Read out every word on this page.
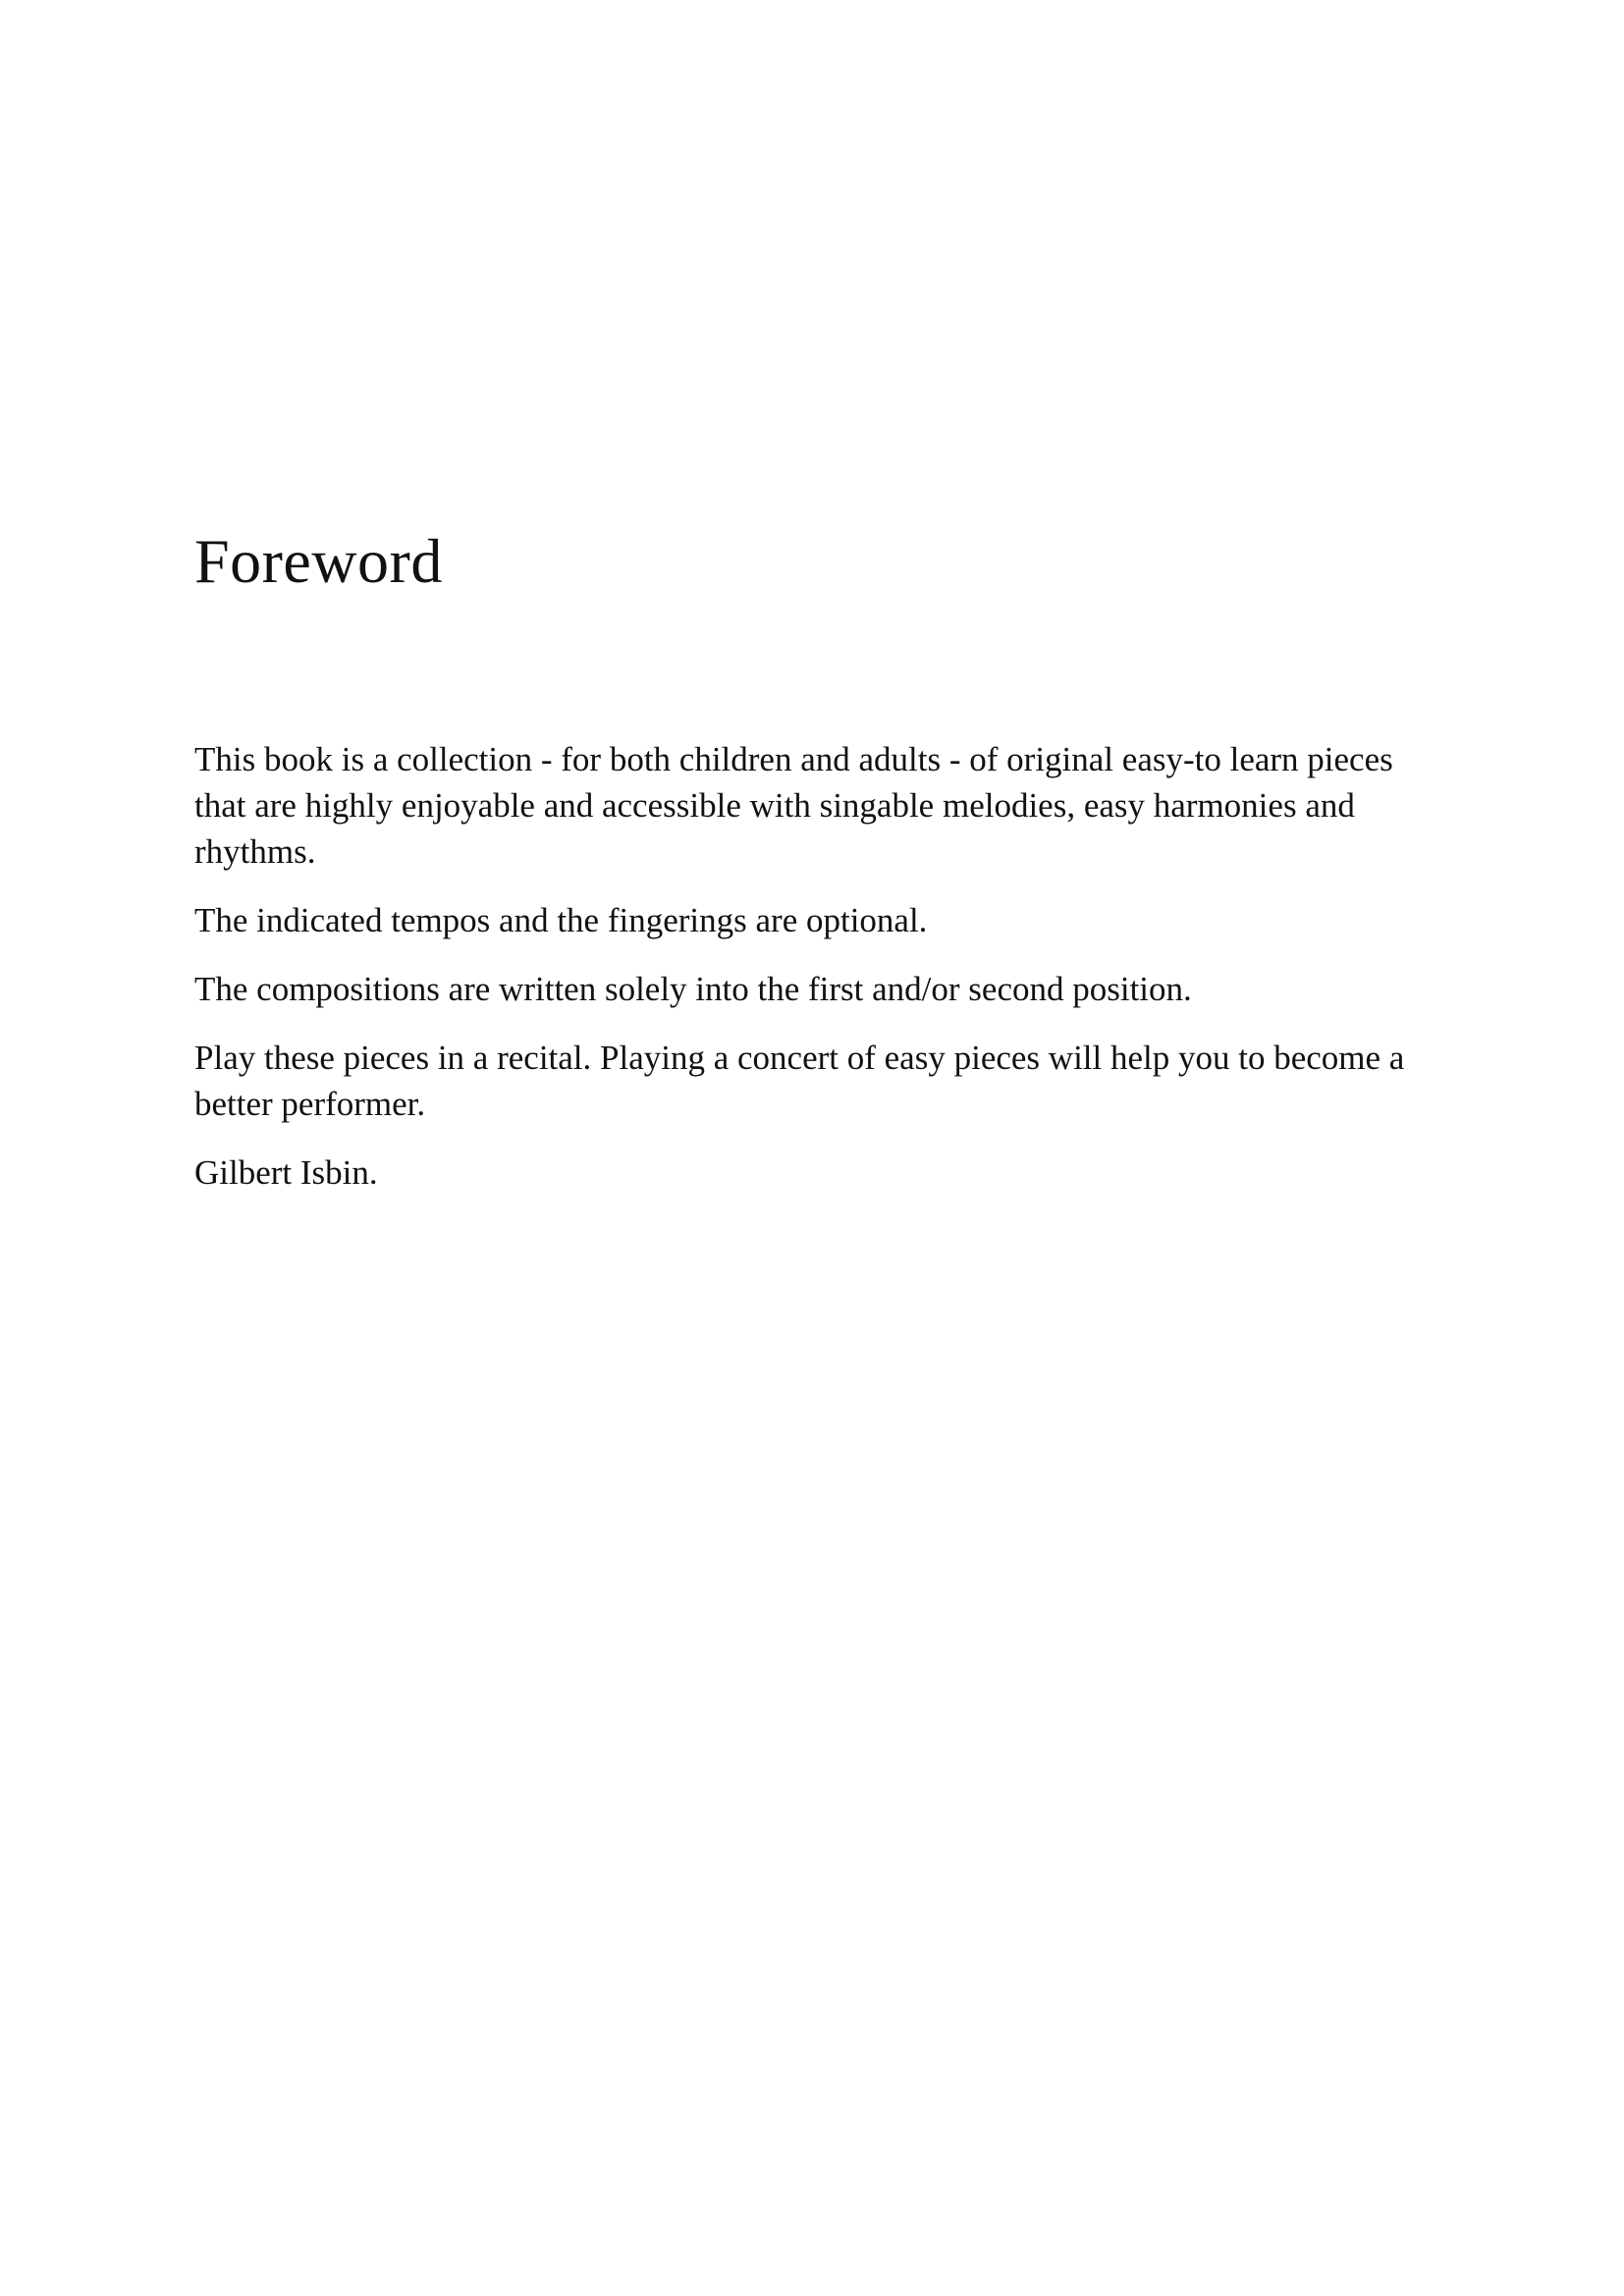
Foreword

This book is a collection - for both children and adults - of original easy-to learn pieces that are highly enjoyable and accessible with singable melodies, easy harmonies and rhythms.

The indicated tempos and the fingerings are optional.

The compositions are written solely into the first and/or second position.

Play these pieces in a recital. Playing a concert of easy pieces will help you to become a better performer.

Gilbert Isbin.
